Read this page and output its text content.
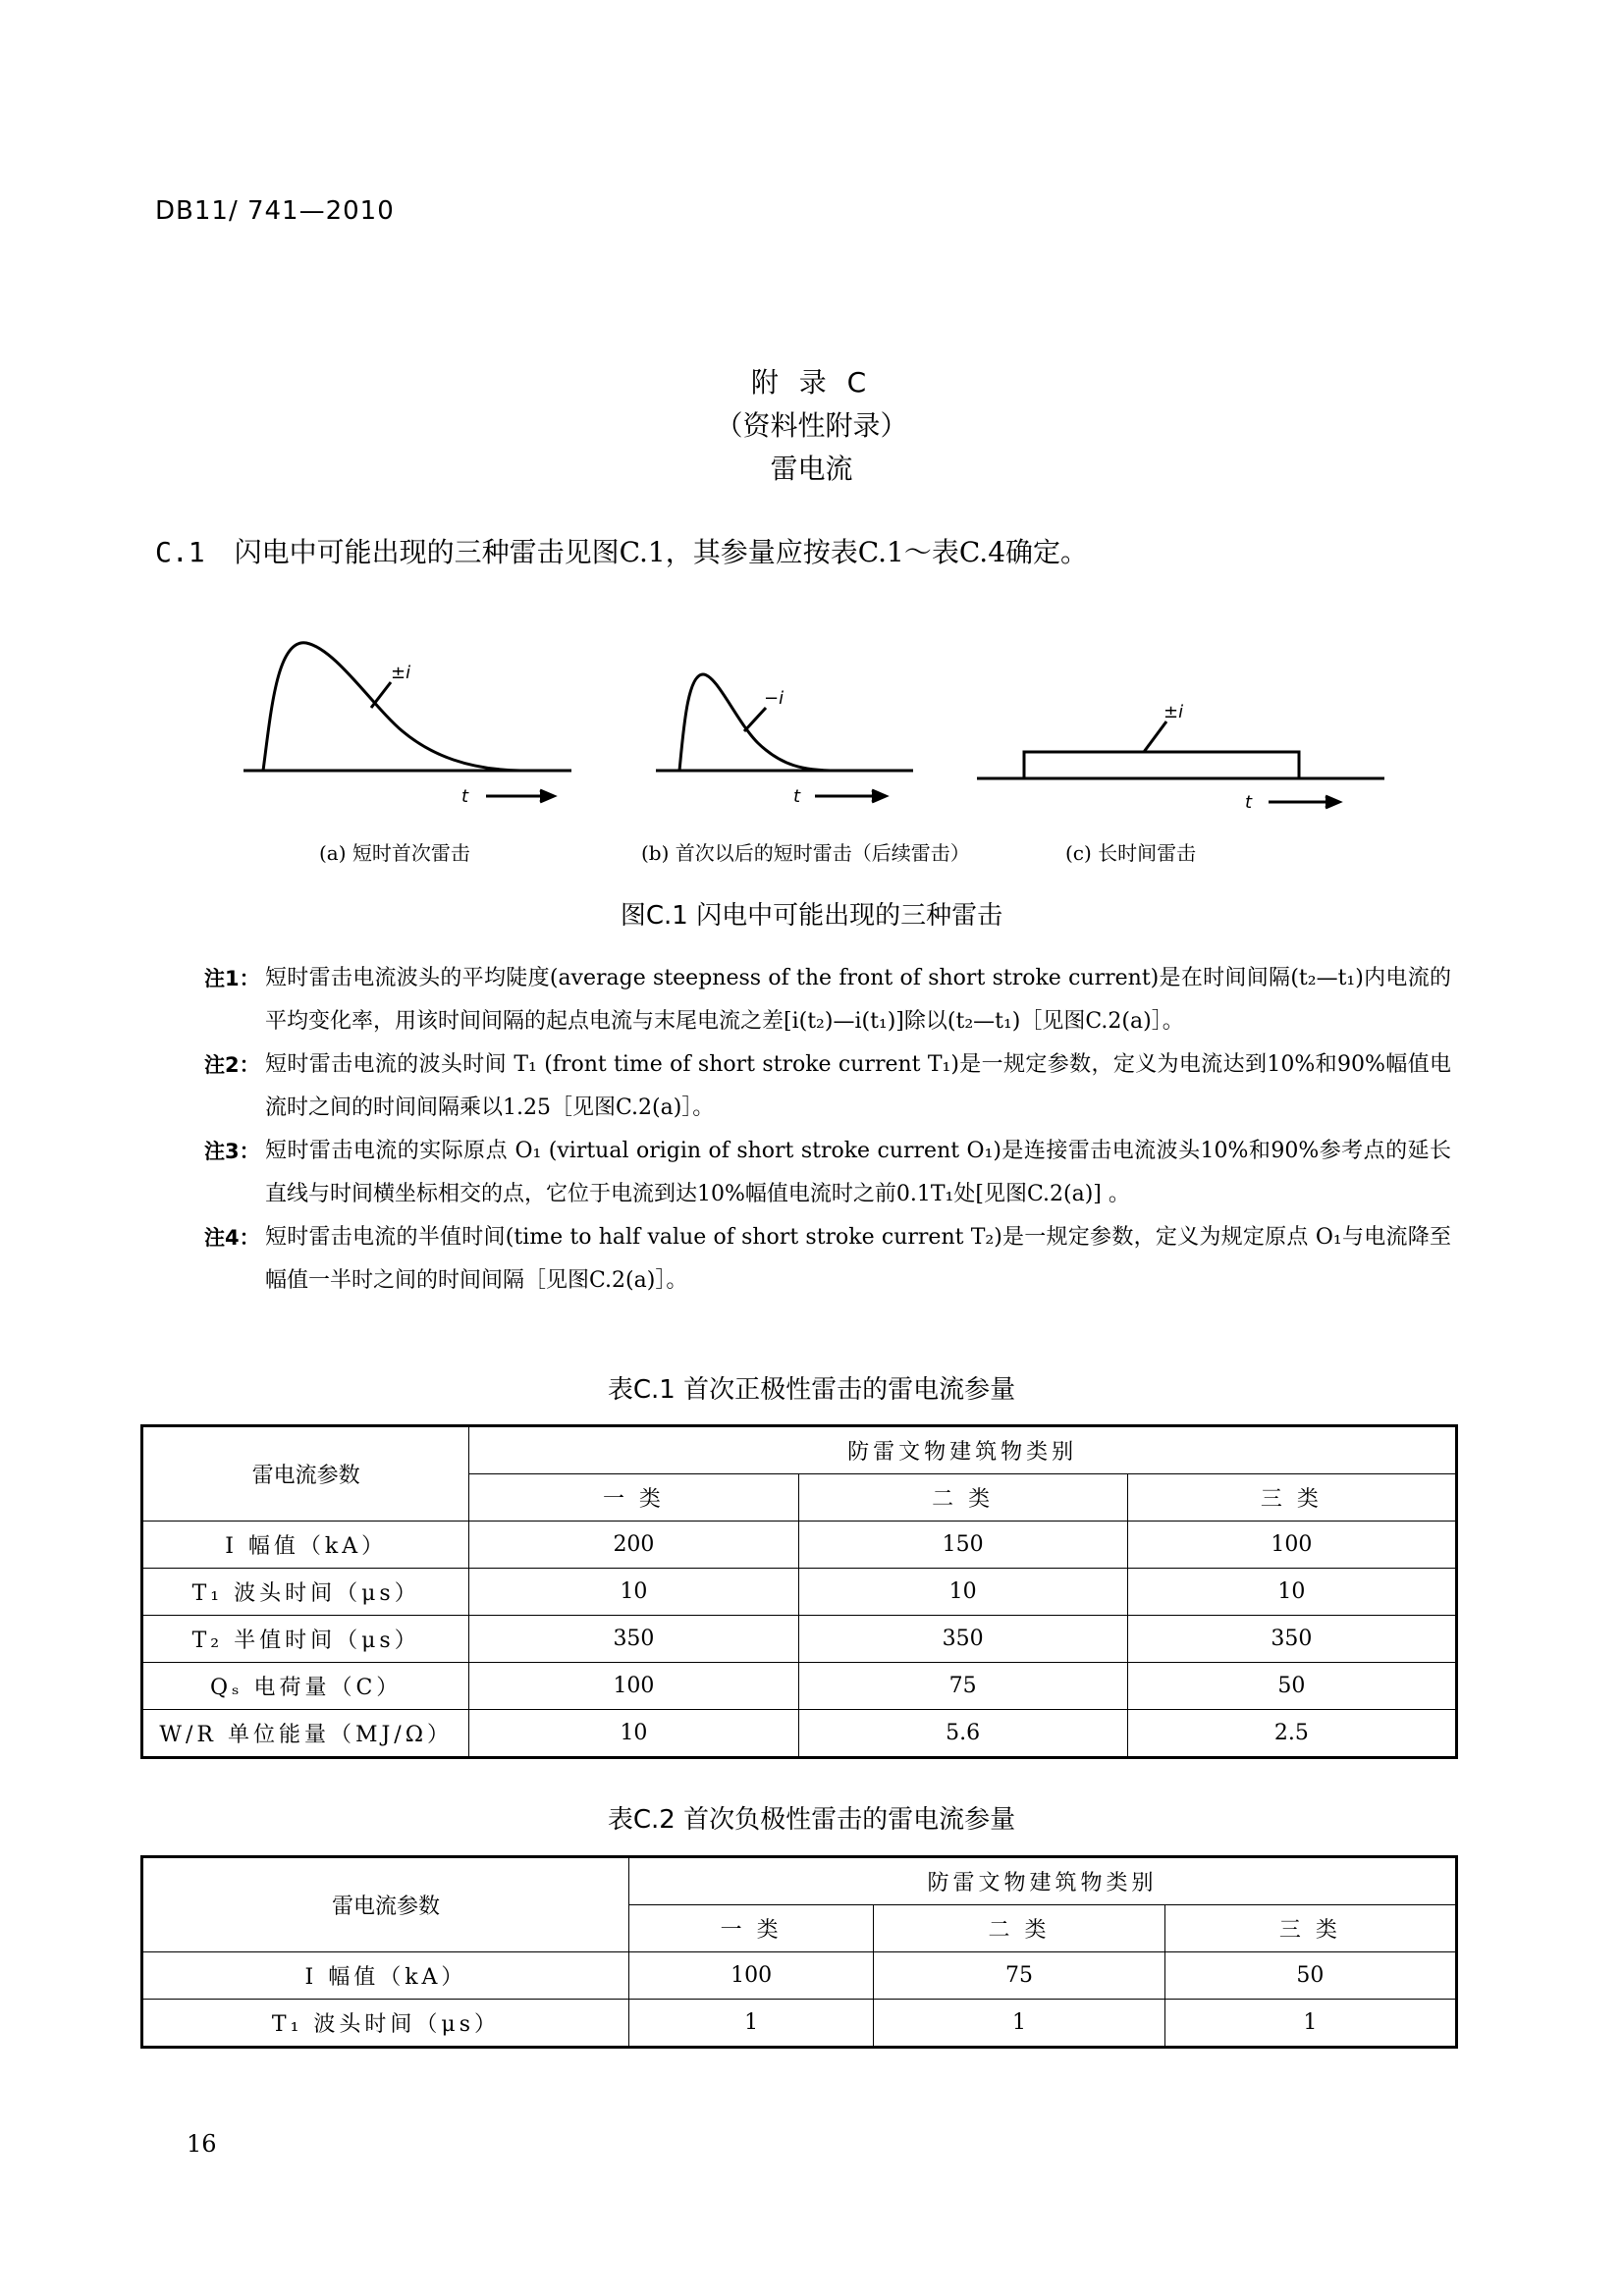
DB11/ 741—2010
附 录 C
（资料性附录）
雷电流
C.1 闪电中可能出现的三种雷击见图C.1，其参量应按表C.1～表C.4确定。
±i
t
−i
t
±i
t
(a) 短时首次雷击	(b) 首次以后的短时雷击（后续雷击）	(c) 长时间雷击
图C.1 闪电中可能出现的三种雷击
注1： 短时雷击电流波头的平均陡度(average steepness of the front of short stroke current)是在时间间隔(t₂—t₁)内电流的平均变化率，用该时间间隔的起点电流与末尾电流之差[i(t₂)—i(t₁)]除以(t₂—t₁)［见图C.2(a)］。
注2： 短时雷击电流的波头时间 T₁ (front time of short stroke current T₁)是一规定参数，定义为电流达到10%和90%幅值电流时之间的时间间隔乘以1.25［见图C.2(a)］。
注3： 短时雷击电流的实际原点 O₁ (virtual origin of short stroke current O₁)是连接雷击电流波头10%和90%参考点的延长直线与时间横坐标相交的点，它位于电流到达10%幅值电流时之前0.1T₁处[见图C.2(a)] 。
注4： 短时雷击电流的半值时间(time to half value of short stroke current T₂)是一规定参数，定义为规定原点 O₁与电流降至幅值一半时之间的时间间隔［见图C.2(a)］。
表C.1 首次正极性雷击的雷电流参量
雷电流参数	防雷文物建筑物类别		
	一 类	二 类	三 类
I 幅值（kA）	200	150	100
T₁ 波头时间（μs）	10	10	10
T₂ 半值时间（μs）	350	350	350
Qₛ 电荷量（C）	100	75	50
W/R 单位能量（MJ/Ω）	10	5.6	2.5
表C.2 首次负极性雷击的雷电流参量
雷电流参数	防雷文物建筑物类别		
	一 类	二 类	三 类
I 幅值（kA）	100	75	50
T₁ 波头时间（μs）	1	1	1
16
